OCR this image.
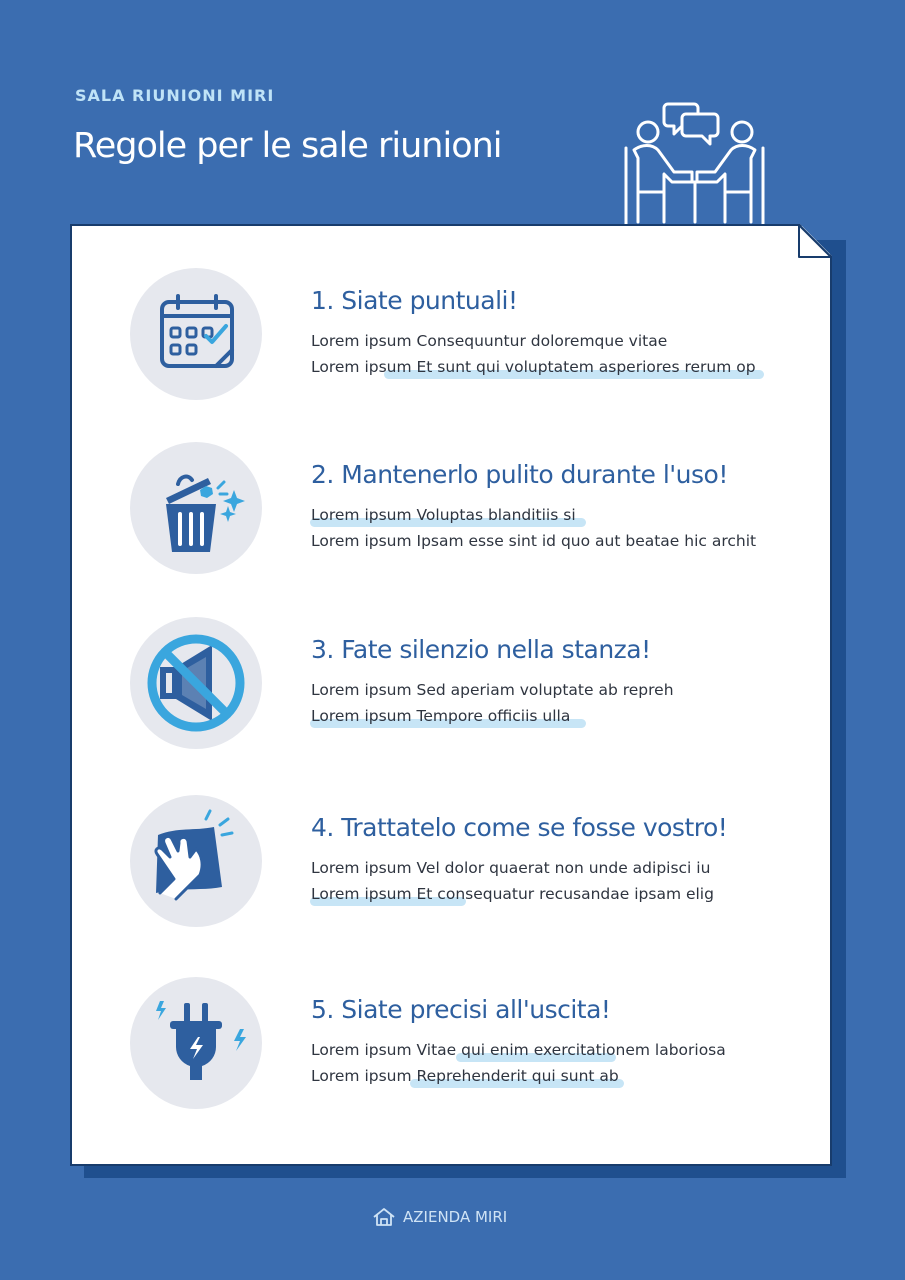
SALA RIUNIONI MIRI
Regole per le sale riunioni
1. Siate puntuali!
Lorem ipsum Consequuntur doloremque vitae
Lorem ipsum Et sunt qui voluptatem asperiores rerum op
2. Mantenerlo pulito durante l'uso!
Lorem ipsum Voluptas blanditiis si
Lorem ipsum Ipsam esse sint id quo aut beatae hic archit
3. Fate silenzio nella stanza!
Lorem ipsum Sed aperiam voluptate ab repreh
Lorem ipsum Tempore officiis ulla
4. Trattatelo come se fosse vostro!
Lorem ipsum Vel dolor quaerat non unde adipisci iu
Lorem ipsum Et consequatur recusandae ipsam elig
5. Siate precisi all'uscita!
Lorem ipsum Vitae qui enim exercitationem laboriosa
Lorem ipsum Reprehenderit qui sunt ab
AZIENDA MIRI
